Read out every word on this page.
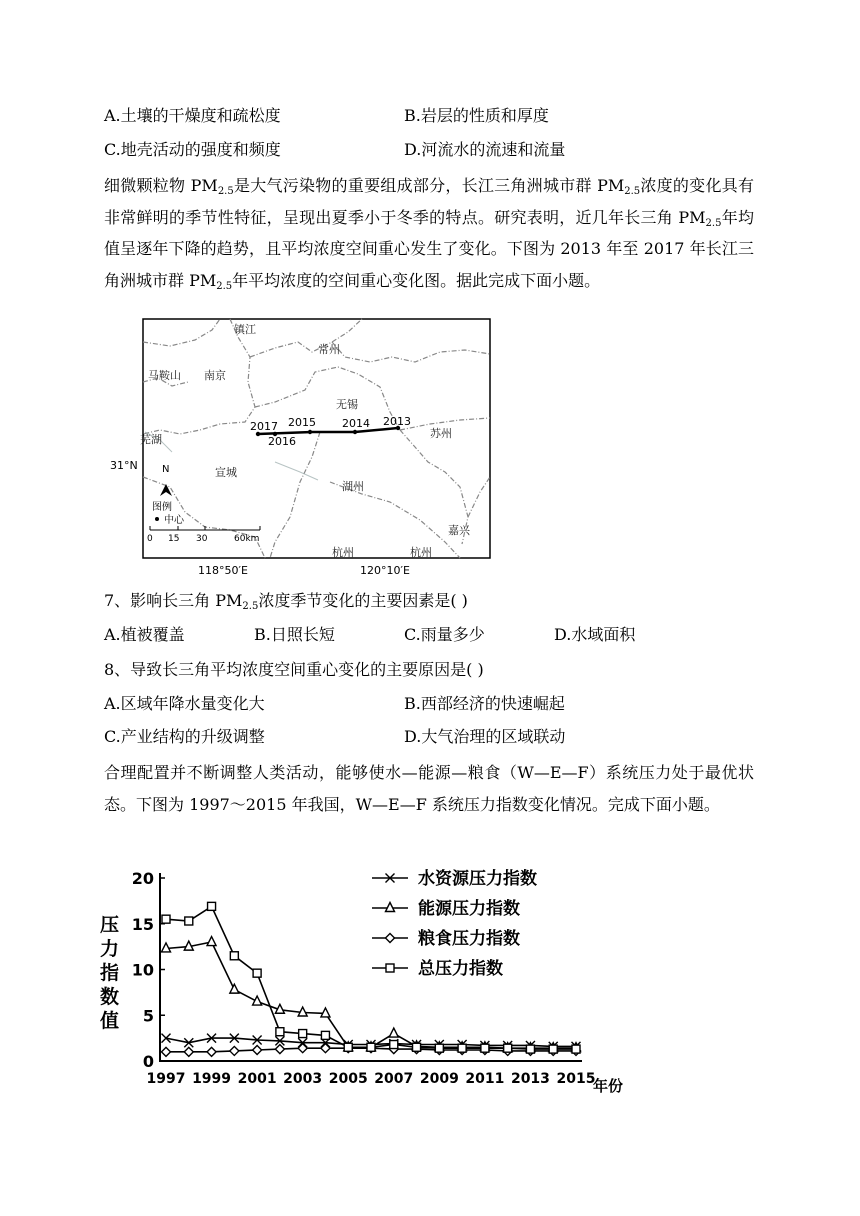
A.土壤的干燥度和疏松度	B.岩层的性质和厚度
C.地壳活动的强度和频度	D.河流水的流速和流量
细微颗粒物 $PM_{2.5}$是大气污染物的重要组成部分，长江三角洲城市群 $PM_{2.5}$浓度的变化具有非常鲜明的季节性特征，呈现出夏季小于冬季的特点。研究表明，近几年长三角 $PM_{2.5}$年均值呈逐年下降的趋势，且平均浓度空间重心发生了变化。下图为 2013 年至 2017 年长江三角洲城市群 $PM_{2.5}$年平均浓度的空间重心变化图。据此完成下面小题。
镇江
常州
马鞍山 南京
无锡
苏州
芜湖
宣城
湖州
嘉兴
杭州	杭州
2017 2015 2014 2013
2016
31°N N
图例
中心
0 15 30	60km
118°50′E	120°10′E
7、影响长三角 $PM_{2.5}$浓度季节变化的主要因素是( )
A.植被覆盖	B.日照长短	C.雨量多少	D.水域面积
8、导致长三角平均浓度空间重心变化的主要原因是( )
A.区域年降水量变化大	B.西部经济的快速崛起
C.产业结构的升级调整	D.大气治理的区域联动
合理配置并不断调整人类活动，能够使水—能源—粮食（W—E—F）系统压力处于最优状态。下图为 1997～2015 年我国，W—E—F 系统压力指数变化情况。完成下面小题。
压
力
指
数
值
年份
0
5
10
15
20
1997 1999 2001 2003 2005 2007 2009 2011 2013 2015
水资源压力指数
能源压力指数
粮食压力指数
总压力指数
